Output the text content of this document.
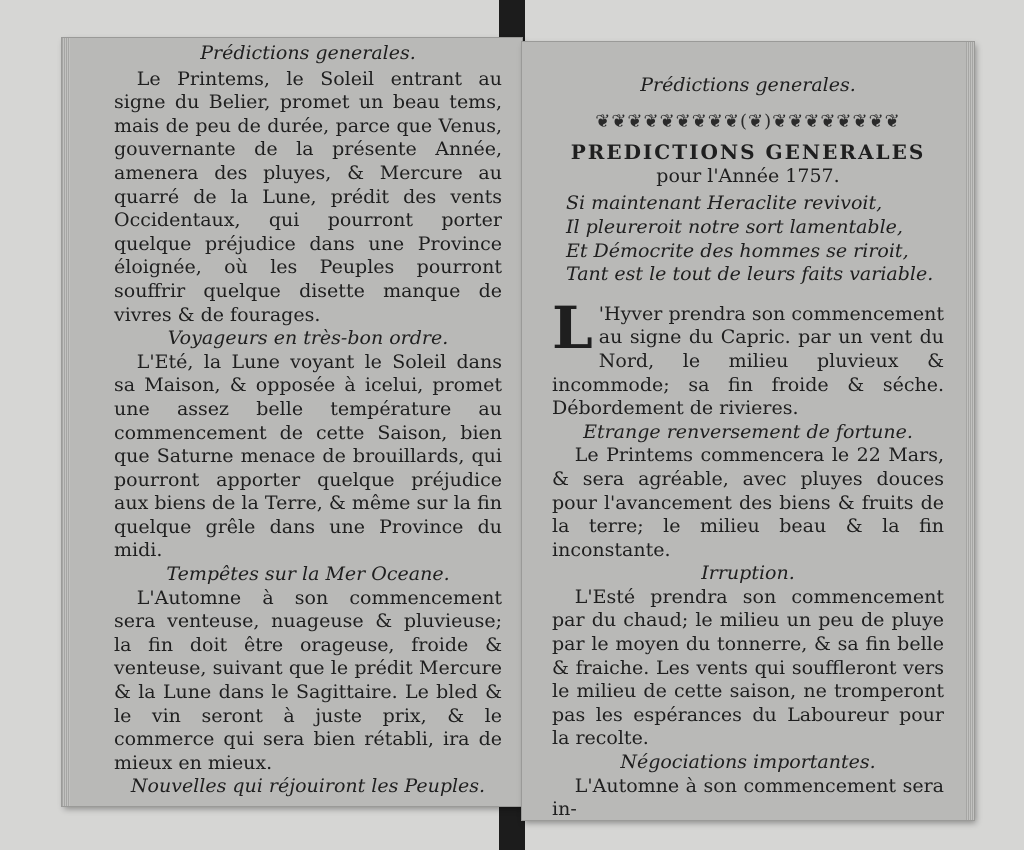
Prédictions generales.

Le Printems, le Soleil entrant au signe du Belier, promet un beau tems, mais de peu de durée, parce que Venus, gouvernante de la présente Année, amenera des pluyes, & Mercure au quarré de la Lune, prédit des vents Occidentaux, qui pourront porter quelque préjudice dans une Province éloignée, où les Peuples pourront souffrir quelque disette manque de vivres & de fourages.

Voyageurs en très-bon ordre.

L'Eté, la Lune voyant le Soleil dans sa Maison, & opposée à icelui, promet une assez belle température au commencement de cette Saison, bien que Saturne menace de brouillards, qui pourront apporter quelque préjudice aux biens de la Terre, & même sur la fin quelque grêle dans une Province du midi.

Tempêtes sur la Mer Oceane.

L'Automne à son commencement sera venteuse, nuageuse & pluvieuse; la fin doit être orageuse, froide & venteuse, suivant que le prédit Mercure & la Lune dans le Sagittaire. Le bled & le vin seront à juste prix, & le commerce qui sera bien rétabli, ira de mieux en mieux.

Nouvelles qui réjouiront les Peuples.

Prédictions generales.

❦❦❦❦❦❦❦❦❦(❦)❦❦❦❦❦❦❦❦

PREDICTIONS GENERALES

pour l'Année 1757.

Si maintenant Heraclite revivoit,

Il pleureroit notre sort lamentable,

Et Démocrite des hommes se riroit,

Tant est le tout de leurs faits variable.

L 'Hyver prendra son commencement au signe du Capric. par un vent du Nord, le milieu pluvieux & incommode; sa fin froide & séche. Débordement de rivieres.

Etrange renversement de fortune.

Le Printems commencera le 22 Mars, & sera agréable, avec pluyes douces pour l'avancement des biens & fruits de la terre; le milieu beau & la fin inconstante.

Irruption.

L'Esté prendra son commencement par du chaud; le milieu un peu de pluye par le moyen du tonnerre, & sa fin belle & fraiche. Les vents qui souffleront vers le milieu de cette saison, ne tromperont pas les espérances du Laboureur pour la recolte.

Négociations importantes.

L'Automne à son commencement sera in-
